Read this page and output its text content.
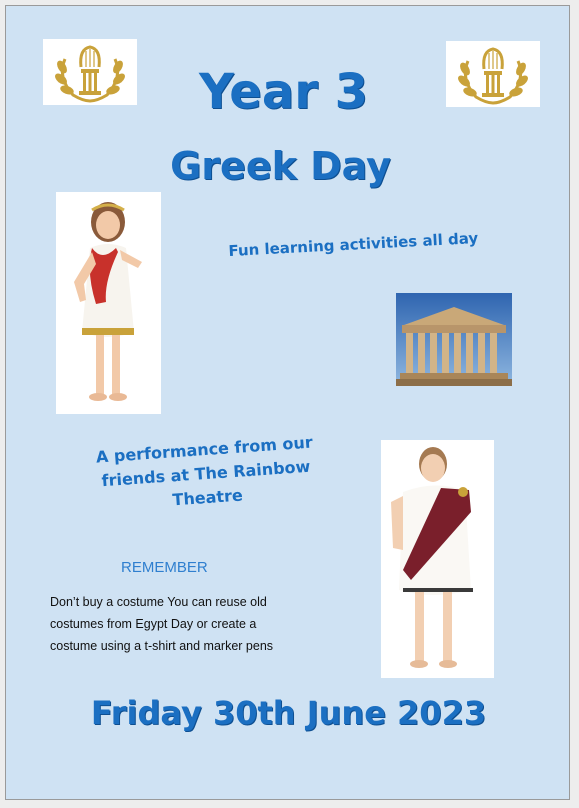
Year 3
Greek Day

Fun learning activities all day

A performance from our
friends at The Rainbow
Theatre

REMEMBER

Don’t buy a costume You can reuse old costumes from Egypt Day or create a costume using a t-shirt and marker pens

Friday 30th June 2023
